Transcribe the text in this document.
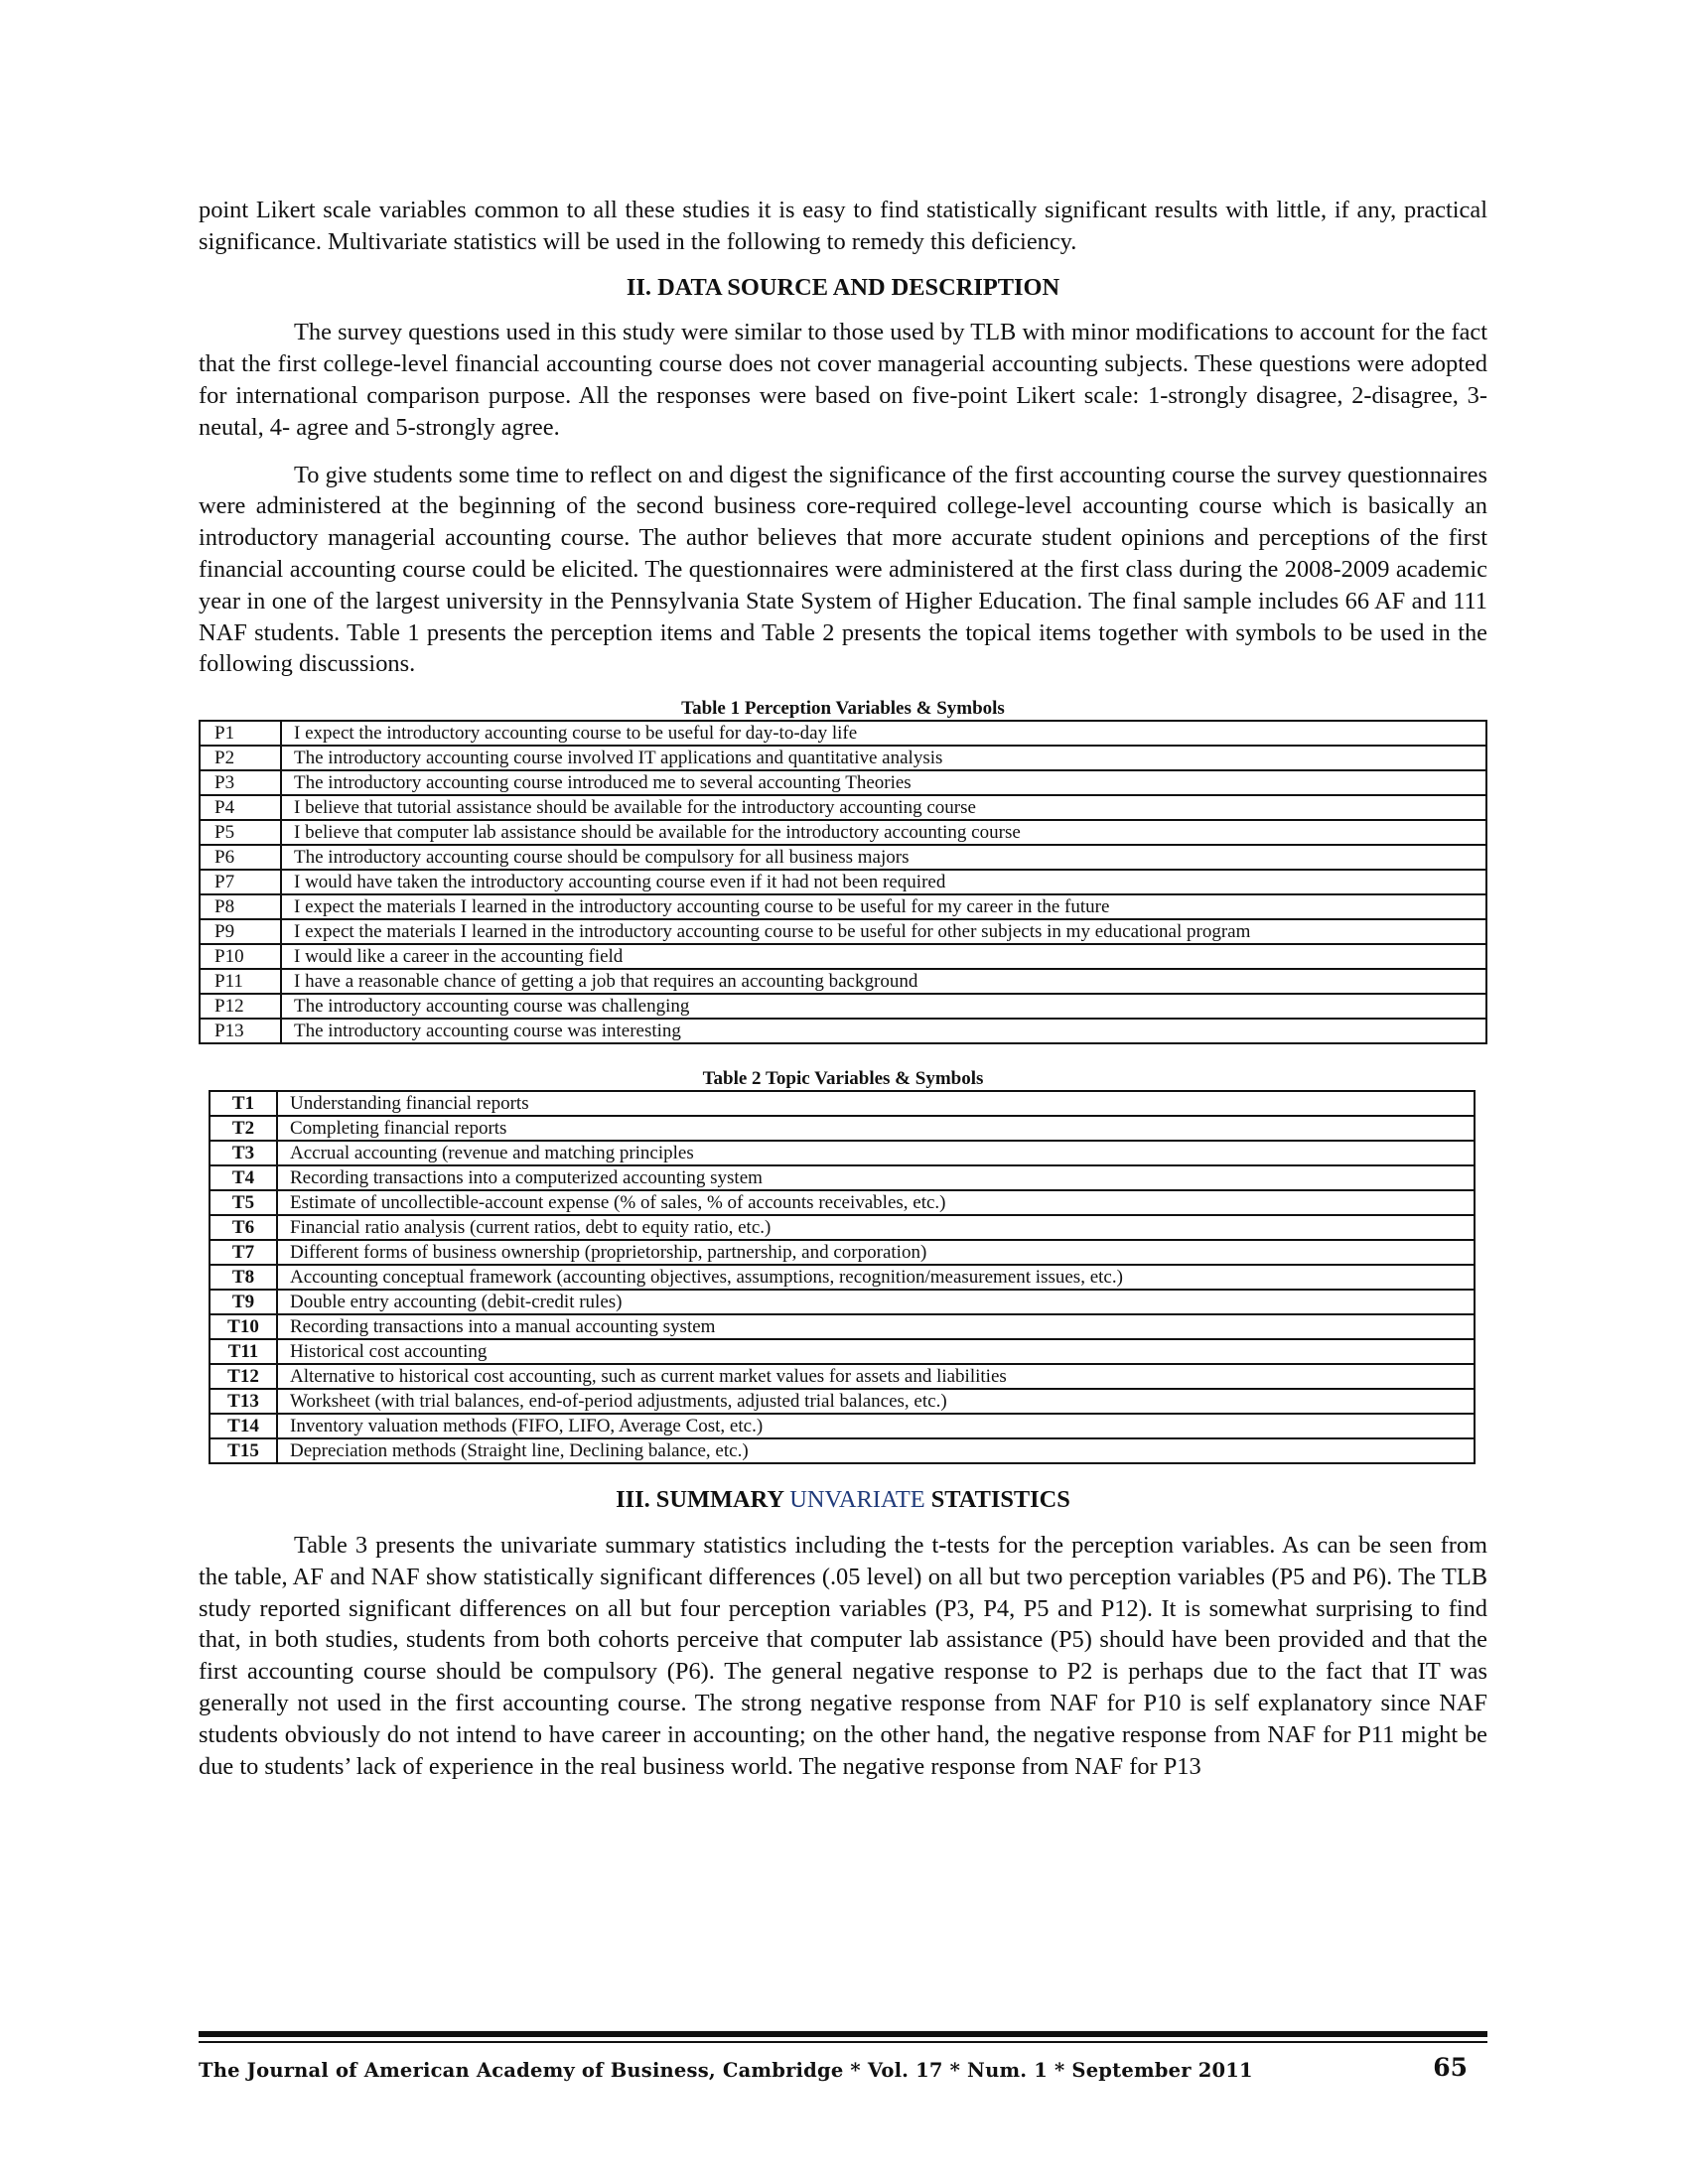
point Likert scale variables common to all these studies it is easy to find statistically significant results with little, if any, practical significance. Multivariate statistics will be used in the following to remedy this deficiency.

II. DATA SOURCE AND DESCRIPTION

The survey questions used in this study were similar to those used by TLB with minor modifications to account for the fact that the first college-level financial accounting course does not cover managerial accounting subjects. These questions were adopted for international comparison purpose. All the responses were based on five-point Likert scale: 1-strongly disagree, 2-disagree, 3-neutal, 4- agree and 5-strongly agree.

To give students some time to reflect on and digest the significance of the first accounting course the survey questionnaires were administered at the beginning of the second business core-required college-level accounting course which is basically an introductory managerial accounting course. The author believes that more accurate student opinions and perceptions of the first financial accounting course could be elicited. The questionnaires were administered at the first class during the 2008-2009 academic year in one of the largest university in the Pennsylvania State System of Higher Education. The final sample includes 66 AF and 111 NAF students. Table 1 presents the perception items and Table 2 presents the topical items together with symbols to be used in the following discussions.

Table 1 Perception Variables & Symbols
P1	I expect the introductory accounting course to be useful for day-to-day life
P2	The introductory accounting course involved IT applications and quantitative analysis
P3	The introductory accounting course introduced me to several accounting Theories
P4	I believe that tutorial assistance should be available for the introductory accounting course
P5	I believe that computer lab assistance should be available for the introductory accounting course
P6	The introductory accounting course should be compulsory for all business majors
P7	I would have taken the introductory accounting course even if it had not been required
P8	I expect the materials I learned in the introductory accounting course to be useful for my career in the future
P9	I expect the materials I learned in the introductory accounting course to be useful for other subjects in my educational program
P10	I would like a career in the accounting field
P11	I have a reasonable chance of getting a job that requires an accounting background
P12	The introductory accounting course was challenging
P13	The introductory accounting course was interesting
Table 2 Topic Variables & Symbols
T1	Understanding financial reports
T2	Completing financial reports
T3	Accrual accounting (revenue and matching principles
T4	Recording transactions into a computerized accounting system
T5	Estimate of uncollectible-account expense (% of sales, % of accounts receivables, etc.)
T6	Financial ratio analysis (current ratios, debt to equity ratio, etc.)
T7	Different forms of business ownership (proprietorship, partnership, and corporation)
T8	Accounting conceptual framework (accounting objectives, assumptions, recognition/measurement issues, etc.)
T9	Double entry accounting (debit-credit rules)
T10	Recording transactions into a manual accounting system
T11	Historical cost accounting
T12	Alternative to historical cost accounting, such as current market values for assets and liabilities
T13	Worksheet (with trial balances, end-of-period adjustments, adjusted trial balances, etc.)
T14	Inventory valuation methods (FIFO, LIFO, Average Cost, etc.)
T15	Depreciation methods (Straight line, Declining balance, etc.)
III. SUMMARY UNVARIATE STATISTICS

Table 3 presents the univariate summary statistics including the t-tests for the perception variables. As can be seen from the table, AF and NAF show statistically significant differences (.05 level) on all but two perception variables (P5 and P6). The TLB study reported significant differences on all but four perception variables (P3, P4, P5 and P12). It is somewhat surprising to find that, in both studies, students from both cohorts perceive that computer lab assistance (P5) should have been provided and that the first accounting course should be compulsory (P6). The general negative response to P2 is perhaps due to the fact that IT was generally not used in the first accounting course. The strong negative response from NAF for P10 is self explanatory since NAF students obviously do not intend to have career in accounting; on the other hand, the negative response from NAF for P11 might be due to students’ lack of experience in the real business world. The negative response from NAF for P13

The Journal of American Academy of Business, Cambridge * Vol. 17 * Num. 1 * September 2011	65
